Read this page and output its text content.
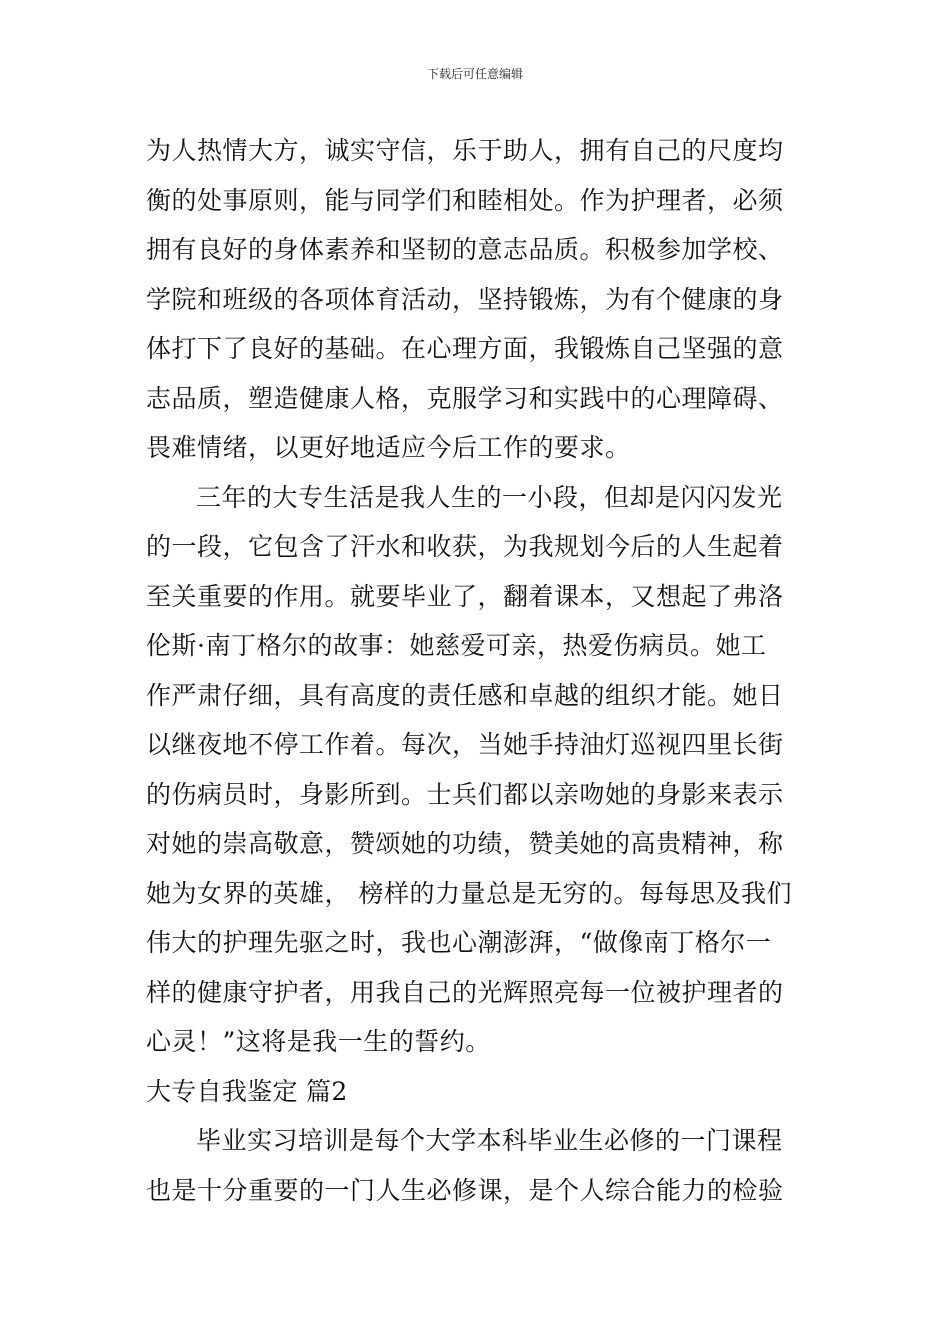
下载后可任意编辑
为人热情大方，诚实守信，乐于助人，拥有自己的尺度均
衡的处事原则，能与同学们和睦相处。作为护理者，必须
拥有良好的身体素养和坚韧的意志品质。积极参加学校、
学院和班级的各项体育活动，坚持锻炼，为有个健康的身
体打下了良好的基础。在心理方面，我锻炼自己坚强的意
志品质，塑造健康人格，克服学习和实践中的心理障碍、
畏难情绪，以更好地适应今后工作的要求。
三年的大专生活是我人生的一小段，但却是闪闪发光
的一段，它包含了汗水和收获，为我规划今后的人生起着
至关重要的作用。就要毕业了，翻着课本，又想起了弗洛
伦斯·南丁格尔的故事：她慈爱可亲，热爱伤病员。她工
作严肃仔细，具有高度的责任感和卓越的组织才能。她日
以继夜地不停工作着。每次，当她手持油灯巡视四里长街
的伤病员时，身影所到。士兵们都以亲吻她的身影来表示
对她的崇高敬意，赞颂她的功绩，赞美她的高贵精神，称
她为女界的英雄， 榜样的力量总是无穷的。每每思及我们
伟大的护理先驱之时，我也心潮澎湃，“做像南丁格尔一
样的健康守护者，用我自己的光辉照亮每一位被护理者的
心灵！”这将是我一生的誓约。
大专自我鉴定 篇2
毕业实习培训是每个大学本科毕业生必修的一门课程
也是十分重要的一门人生必修课，是个人综合能力的检验
